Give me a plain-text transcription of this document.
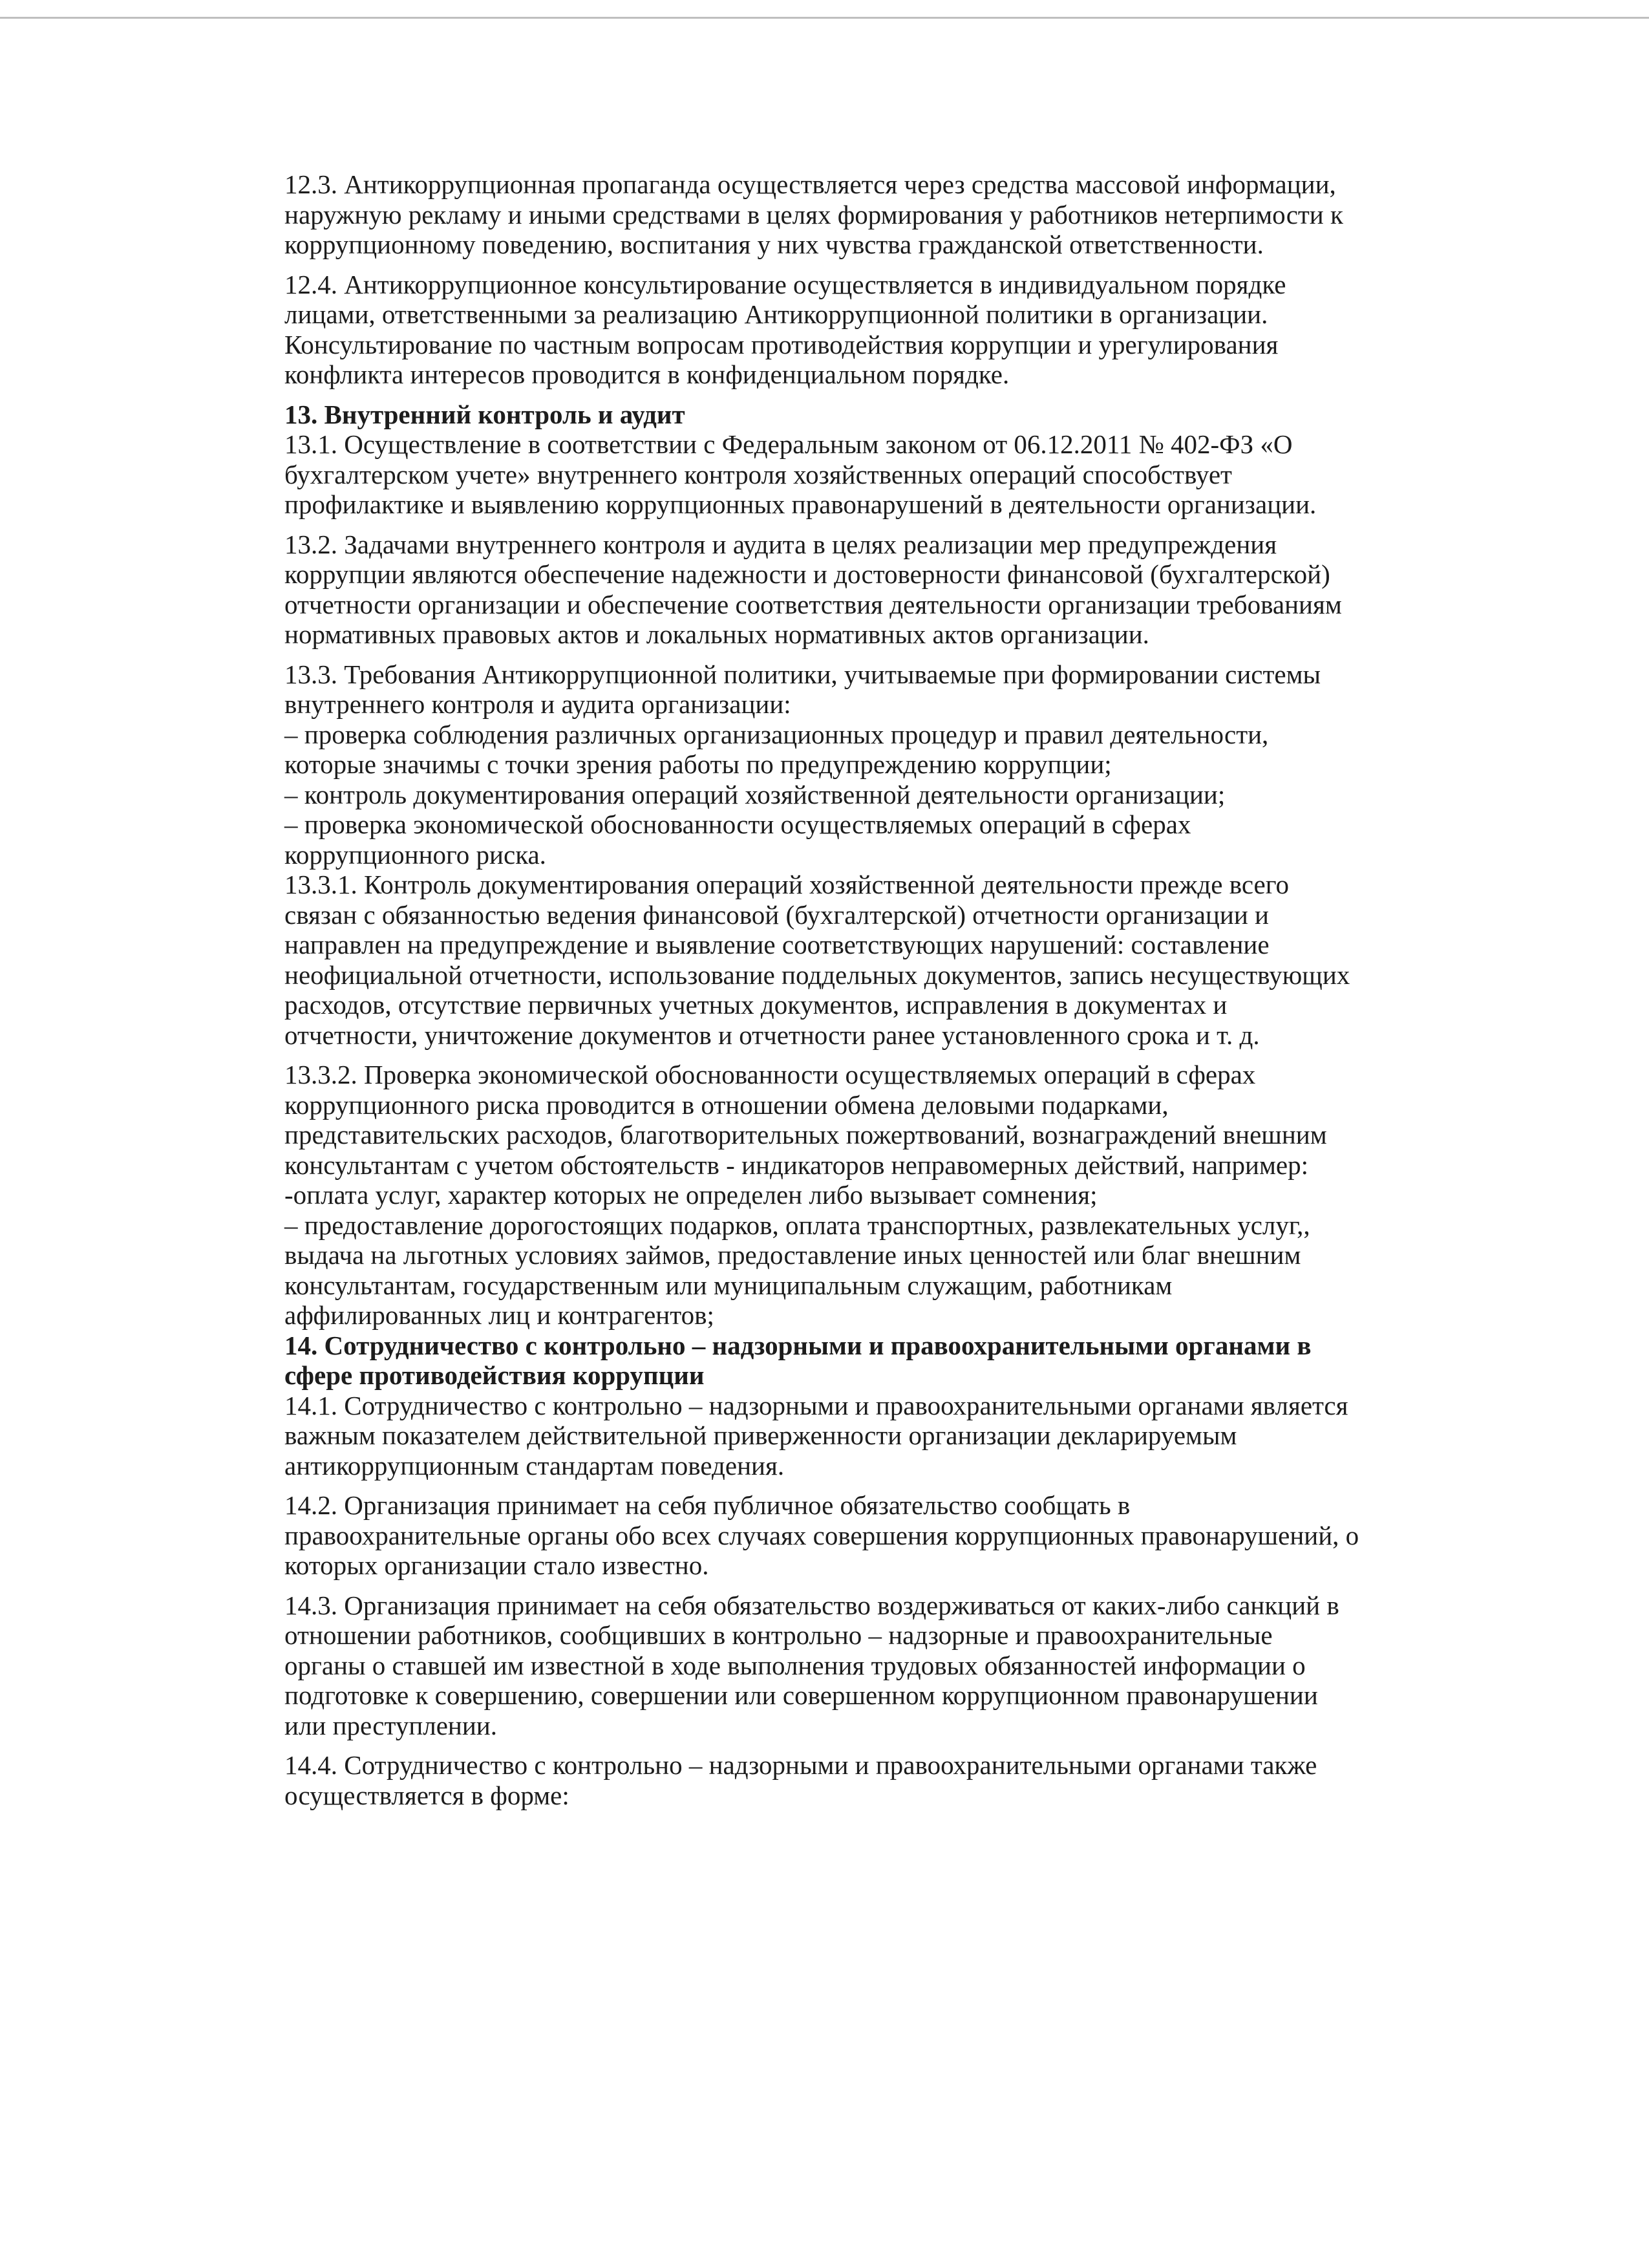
12.3. Антикоррупционная пропаганда осуществляется через средства массовой информации,
наружную рекламу и иными средствами в целях формирования у работников нетерпимости к
коррупционному поведению, воспитания у них чувства гражданской ответственности.
12.4. Антикоррупционное консультирование осуществляется в индивидуальном порядке
лицами, ответственными за реализацию Антикоррупционной политики в организации.
Консультирование по частным вопросам противодействия коррупции и урегулирования
конфликта интересов проводится в конфиденциальном порядке.
13. Внутренний контроль и аудит
13.1. Осуществление в соответствии с Федеральным законом от 06.12.2011 № 402-ФЗ «О
бухгалтерском учете» внутреннего контроля хозяйственных операций способствует
профилактике и выявлению коррупционных правонарушений в деятельности организации.
13.2. Задачами внутреннего контроля и аудита в целях реализации мер предупреждения
коррупции являются обеспечение надежности и достоверности финансовой (бухгалтерской)
отчетности организации и обеспечение соответствия деятельности организации требованиям
нормативных правовых актов и локальных нормативных актов организации.
13.3. Требования Антикоррупционной политики, учитываемые при формировании системы
внутреннего контроля и аудита организации:
– проверка соблюдения различных организационных процедур и правил деятельности,
которые значимы с точки зрения работы по предупреждению коррупции;
– контроль документирования операций хозяйственной деятельности организации;
– проверка экономической обоснованности осуществляемых операций в сферах
коррупционного риска.
13.3.1. Контроль документирования операций хозяйственной деятельности прежде всего
связан с обязанностью ведения финансовой (бухгалтерской) отчетности организации и
направлен на предупреждение и выявление соответствующих нарушений: составление
неофициальной отчетности, использование поддельных документов, запись несуществующих
расходов, отсутствие первичных учетных документов, исправления в документах и
отчетности, уничтожение документов и отчетности ранее установленного срока и т. д.
13.3.2. Проверка экономической обоснованности осуществляемых операций в сферах
коррупционного риска проводится в отношении обмена деловыми подарками,
представительских расходов, благотворительных пожертвований, вознаграждений внешним
консультантам с учетом обстоятельств - индикаторов неправомерных действий, например:
-оплата услуг, характер которых не определен либо вызывает сомнения;
– предоставление дорогостоящих подарков, оплата транспортных, развлекательных услуг,,
выдача на льготных условиях займов, предоставление иных ценностей или благ внешним
консультантам, государственным или муниципальным служащим, работникам
аффилированных лиц и контрагентов;
14. Сотрудничество с контрольно – надзорными и правоохранительными органами в
сфере противодействия коррупции
14.1. Сотрудничество с контрольно – надзорными и правоохранительными органами является
важным показателем действительной приверженности организации декларируемым
антикоррупционным стандартам поведения.
14.2. Организация принимает на себя публичное обязательство сообщать в
правоохранительные органы обо всех случаях совершения коррупционных правонарушений, о
которых организации стало известно.
14.3. Организация принимает на себя обязательство воздерживаться от каких-либо санкций в
отношении работников, сообщивших в контрольно – надзорные и правоохранительные
органы о ставшей им известной в ходе выполнения трудовых обязанностей информации о
подготовке к совершению, совершении или совершенном коррупционном правонарушении
или преступлении.
14.4. Сотрудничество с контрольно – надзорными и правоохранительными органами также
осуществляется в форме:
